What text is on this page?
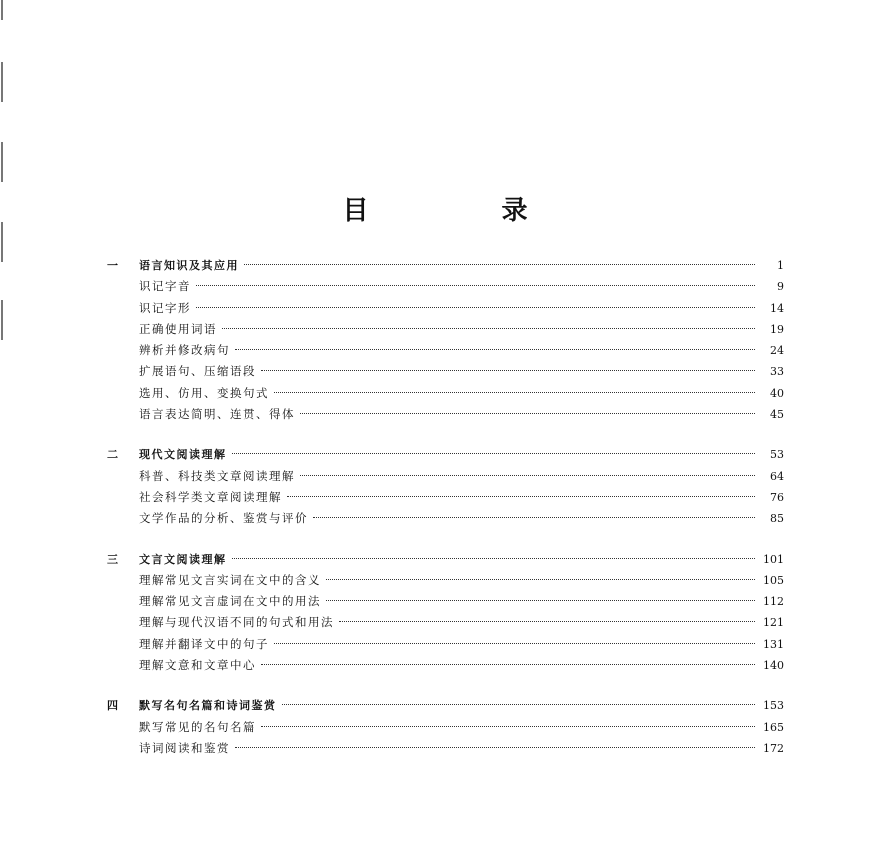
目 录
一 语言知识及其应用	1
识记字音	9
识记字形	14
正确使用词语	19
辨析并修改病句	24
扩展语句、压缩语段	33
选用、仿用、变换句式	40
语言表达简明、连贯、得体	45
二 现代文阅读理解	53
科普、科技类文章阅读理解	64
社会科学类文章阅读理解	76
文学作品的分析、鉴赏与评价	85
三 文言文阅读理解	101
理解常见文言实词在文中的含义	105
理解常见文言虚词在文中的用法	112
理解与现代汉语不同的句式和用法	121
理解并翻译文中的句子	131
理解文意和文章中心	140
四 默写名句名篇和诗词鉴赏	153
默写常见的名句名篇	165
诗词阅读和鉴赏	172
